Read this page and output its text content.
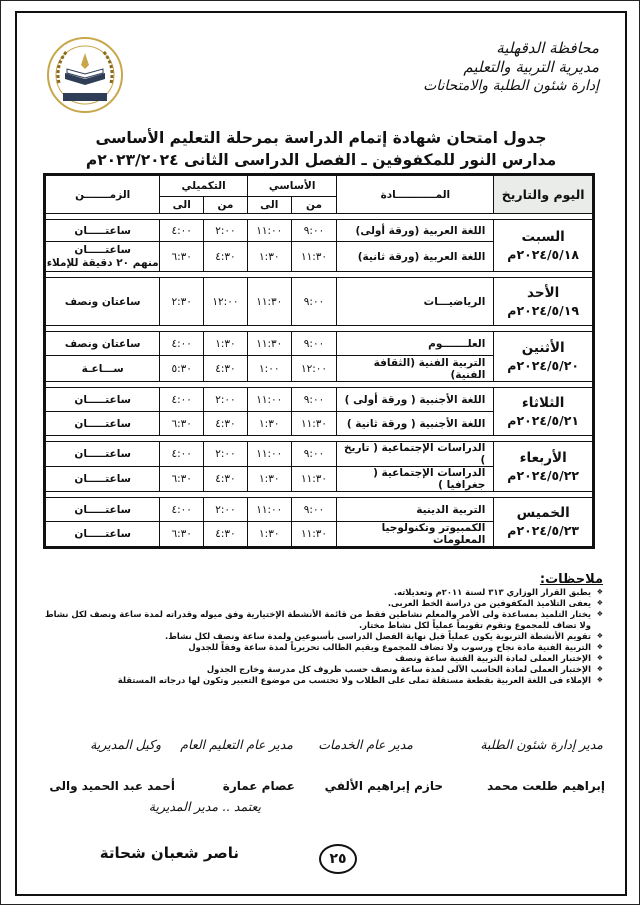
محافظة الدقهلية
مديرية التربية والتعليم
إدارة شئون الطلبة والامتحانات
جدول امتحان شهادة إتمام الدراسة بمرحلة التعليم الأساسى
مدارس النور للمكفوفين ـ الفصل الدراسى الثانى ٢٠٢٣/٢٠٢٤م
اليوم والتاريخ	المـــــــــــادة	الأساسي		التكميلي		الزمـــــــن
		من	الى	من	الى	

السبت
٢٠٢٤/٥/١٨م	اللغة العربية (ورقة أولى)	٩:٠٠	١١:٠٠	٢:٠٠	٤:٠٠	ساعتـــــان
	اللغة العربية (ورقة ثانية)	١١:٣٠	١:٣٠	٤:٣٠	٦:٣٠	ساعتـــــان
منهم ٢٠ دقيقة للإملاء

الأحد
٢٠٢٤/٥/١٩م	الرياضيـــات	٩:٠٠	١١:٣٠	١٢:٠٠	٢:٣٠	ساعتان ونصف

الأثنين
٢٠٢٤/٥/٢٠م	العلـــــــوم	٩:٠٠	١١:٣٠	١:٣٠	٤:٠٠	ساعتان ونصف
	التربية الفنية (الثقافة الفنية)	١٢:٠٠	١:٠٠	٤:٣٠	٥:٣٠	ســـاعـة

الثلاثاء
٢٠٢٤/٥/٢١م	اللغة الأجنبية ( ورقة أولى )	٩:٠٠	١١:٠٠	٢:٠٠	٤:٠٠	ساعتـــــان
	اللغة الأجنبية ( ورقة ثانية )	١١:٣٠	١:٣٠	٤:٣٠	٦:٣٠	ساعتـــــان

الأربعاء
٢٠٢٤/٥/٢٢م	الدراسات الإجتماعية ( تاريخ )	٩:٠٠	١١:٠٠	٢:٠٠	٤:٠٠	ساعتـــــان
	الدراسات الإجتماعية ( جغرافيا )	١١:٣٠	١:٣٠	٤:٣٠	٦:٣٠	ساعتـــــان

الخميس
٢٠٢٤/٥/٢٣م	التربية الدينية	٩:٠٠	١١:٠٠	٢:٠٠	٤:٠٠	ساعتـــــان
	الكمبيوتر وتكنولوجيا المعلومات	١١:٣٠	١:٣٠	٤:٣٠	٦:٣٠	ساعتـــــان
ملاحظات:
❖ يطبق القرار الوزاري ٣١٣ لسنة ٢٠١١م وتعديلاته.
❖ يعفى التلاميذ المكفوفين من دراسة الخط العربى.
❖ يختار التلميذ بمساعدة ولى الأمر والمعلم نشاطين فقط من قائمة الأنشطة الإختيارية وفق ميوله وقدراته لمدة ساعة ونصف لكل نشاط ولا تضاف للمجموع وتقوم تقويماً عملياً لكل نشاط مختار.
❖ تقويم الأنشطة التربوية يكون عملياً قبل نهاية الفصل الدراسى بأسبوعين ولمدة ساعة ونصف لكل نشاط.
❖ التربية الفنية مادة نجاح ورسوب ولا تضاف للمجموع ويقيم الطالب تحريرياً لمدة ساعة وفقاً للجدول
❖ الإختبار العملى لمادة التربية الفنية ساعة ونصف
❖ الإختبار العملى لمادة الحاسب الآلى لمدة ساعة ونصف حسب ظروف كل مدرسة وخارج الجدول
❖ الإملاء فى اللغة العربية بقطعة مستقلة تملى على الطلاب ولا تحتسب من موضوع التعبير وتكون لها درجاته المستقلة
مدير إدارة شئون الطلبة
مدير عام الخدمات
مدير عام التعليم العام
وكيل المديرية
إبراهيم طلعت محمد
حازم إبراهيم الألفي
عصام عمارة
أحمد عبد الحميد والى
يعتمد .. مدير المديرية
ناصر شعبان شحاتة	٢٥
